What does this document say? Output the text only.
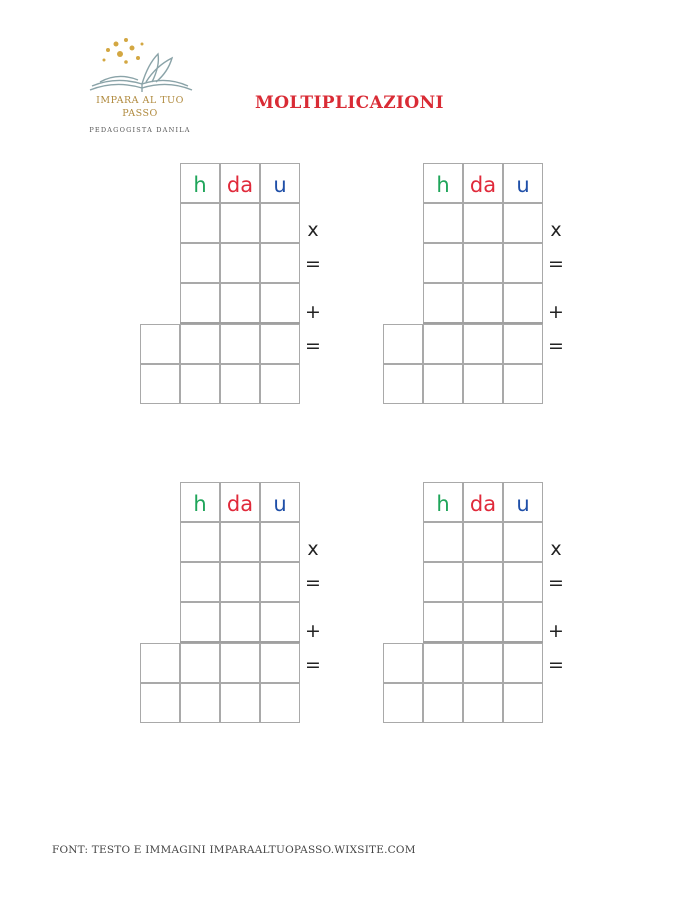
IMPARA AL TUO
PASSO
PEDAGOGISTA DANILA
MOLTIPLICAZIONI
h da u
x
=
+
=
h da u
x
=
+
=
h da u
x
=
+
=
h da u
x
=
+
=
FONT: TESTO E IMMAGINI IMPARAALTUOPASSO.WIXSITE.COM
